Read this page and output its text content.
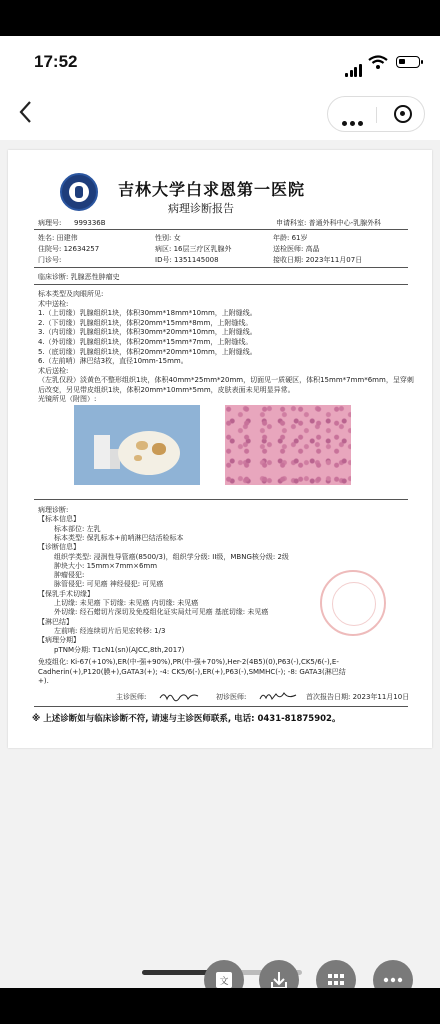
17:52
吉林大学白求恩第一医院
病理诊断报告
病理号: 999336B	申请科室: 普通外科中心-乳腺外科
姓名: 田建伟	性别: 女	年龄: 61岁
住院号: 12634257	病区: 16层三疗区乳腺外	送检医师: 高晶
门诊号:	ID号: 1351145008	接收日期: 2023年11月07日
临床诊断: 乳腺恶性肿瘤史
标本类型及肉眼所见:
术中送检:
1.（上切缘）乳腺组织1块，体积30mm*18mm*10mm，上附缝线。
2.（下切缘）乳腺组织1块，体积20mm*15mm*8mm，上附缝线。
3.（内切缘）乳腺组织1块，体积30mm*20mm*10mm，上附缝线。
4.（外切缘）乳腺组织1块，体积20mm*15mm*7mm，上附缝线。
5.（底切缘）乳腺组织1块，体积20mm*20mm*10mm，上附缝线。
6.（左前哨）淋巴结3枚，直径10mm-15mm。
术后送检:
（左乳仅段）淡黄色不整形组织1块，体积40mm*25mm*20mm，切面见一质硬区，体积15mm*7mm*6mm，呈穿刺
后改变，另见带皮组织1块，体积20mm*10mm*5mm，皮肤表面未见明显异常。
光镜所见（附图）:
病理诊断:
【标本信息】
标本部位: 左乳
标本类型: 保乳标本+前哨淋巴结活检标本
【诊断信息】
组织学类型: 浸润性导管癌(8500/3)，组织学分级: II级，MBNG核分级: 2级
肿块大小: 15mm×7mm×6mm
肿瘤侵犯:
脉管侵犯: 可见癌 神经侵犯: 可见癌
【保乳手术切缘】
上切缘: 未见癌 下切缘: 未见癌 内切缘: 未见癌
外切缘: 经石蜡切片深切及免疫组化证实局灶可见癌 基底切缘: 未见癌
【淋巴结】
左前哨: 经连续切片后见宏转移: 1/3
【病理分期】
pTNM分期: T1cN1(sn)(AJCC,8th,2017)
免疫组化: Ki-67(+10%),ER(中-强+90%),PR(中-强+70%),Her-2(4B5)(0),P63(-),CK5/6(-),E-
Cadherin(+),P120(膜+),GATA3(+); -4: CK5/6(-),ER(+),P63(-),SMMHC(-); -8: GATA3(淋巴结
+).
主诊医师:	初诊医师:	首次报告日期: 2023年11月10日
※ 上述诊断如与临床诊断不符, 请速与主诊医师联系, 电话: 0431-81875902。
文
